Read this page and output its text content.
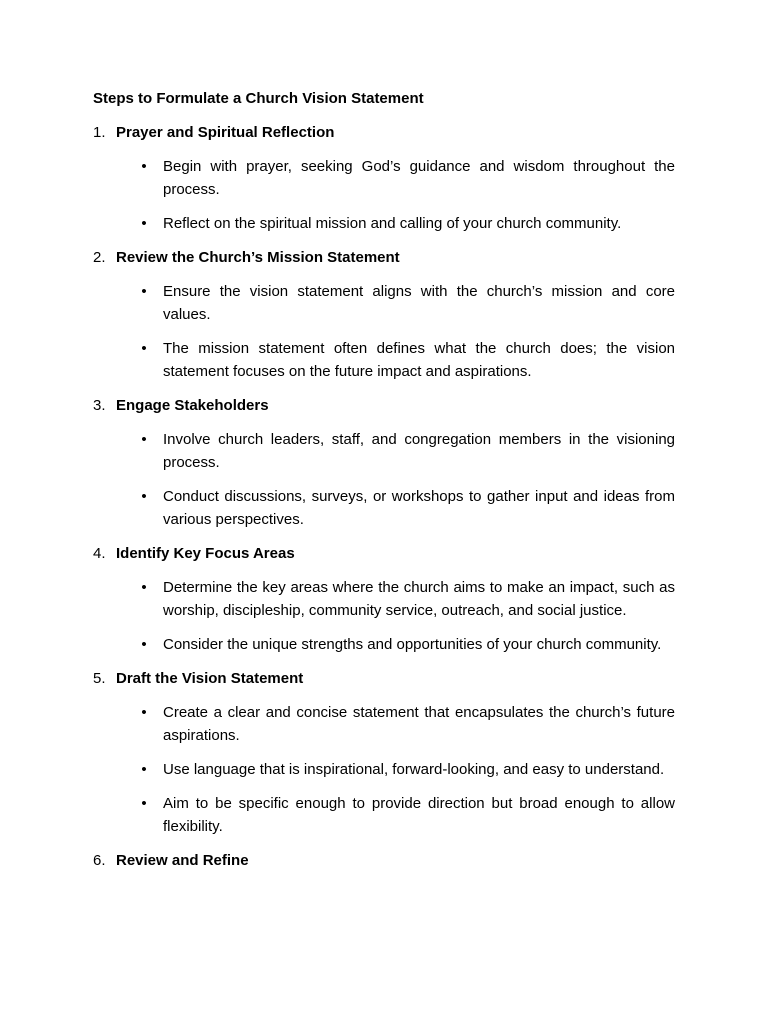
Steps to Formulate a Church Vision Statement
1. Prayer and Spiritual Reflection
• Begin with prayer, seeking God’s guidance and wisdom throughout the process.
• Reflect on the spiritual mission and calling of your church community.
2. Review the Church’s Mission Statement
• Ensure the vision statement aligns with the church’s mission and core values.
• The mission statement often defines what the church does; the vision statement focuses on the future impact and aspirations.
3. Engage Stakeholders
• Involve church leaders, staff, and congregation members in the visioning process.
• Conduct discussions, surveys, or workshops to gather input and ideas from various perspectives.
4. Identify Key Focus Areas
• Determine the key areas where the church aims to make an impact, such as worship, discipleship, community service, outreach, and social justice.
• Consider the unique strengths and opportunities of your church community.
5. Draft the Vision Statement
• Create a clear and concise statement that encapsulates the church’s future aspirations.
• Use language that is inspirational, forward-looking, and easy to understand.
• Aim to be specific enough to provide direction but broad enough to allow flexibility.
6. Review and Refine
